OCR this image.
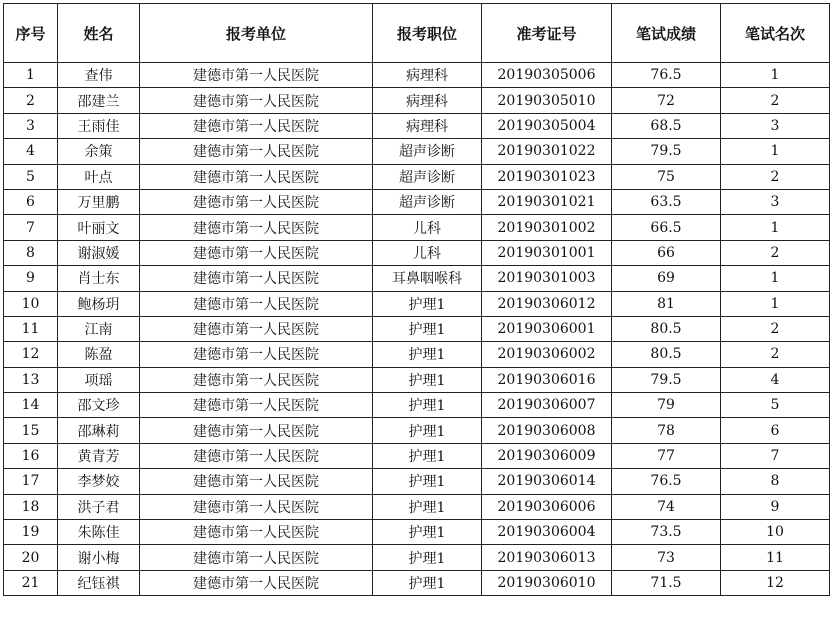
序号	姓名	报考单位	报考职位	准考证号	笔试成绩	笔试名次
1	查伟	建德市第一人民医院	病理科	20190305006	76.5	1
2	邵建兰	建德市第一人民医院	病理科	20190305010	72	2
3	王雨佳	建德市第一人民医院	病理科	20190305004	68.5	3
4	余策	建德市第一人民医院	超声诊断	20190301022	79.5	1
5	叶点	建德市第一人民医院	超声诊断	20190301023	75	2
6	万里鹏	建德市第一人民医院	超声诊断	20190301021	63.5	3
7	叶丽文	建德市第一人民医院	儿科	20190301002	66.5	1
8	谢淑媛	建德市第一人民医院	儿科	20190301001	66	2
9	肖士东	建德市第一人民医院	耳鼻咽喉科	20190301003	69	1
10	鲍杨玥	建德市第一人民医院	护理1	20190306012	81	1
11	江南	建德市第一人民医院	护理1	20190306001	80.5	2
12	陈盈	建德市第一人民医院	护理1	20190306002	80.5	2
13	项瑶	建德市第一人民医院	护理1	20190306016	79.5	4
14	邵文珍	建德市第一人民医院	护理1	20190306007	79	5
15	邵琳莉	建德市第一人民医院	护理1	20190306008	78	6
16	黄青芳	建德市第一人民医院	护理1	20190306009	77	7
17	李梦姣	建德市第一人民医院	护理1	20190306014	76.5	8
18	洪子君	建德市第一人民医院	护理1	20190306006	74	9
19	朱陈佳	建德市第一人民医院	护理1	20190306004	73.5	10
20	谢小梅	建德市第一人民医院	护理1	20190306013	73	11
21	纪钰祺	建德市第一人民医院	护理1	20190306010	71.5	12
